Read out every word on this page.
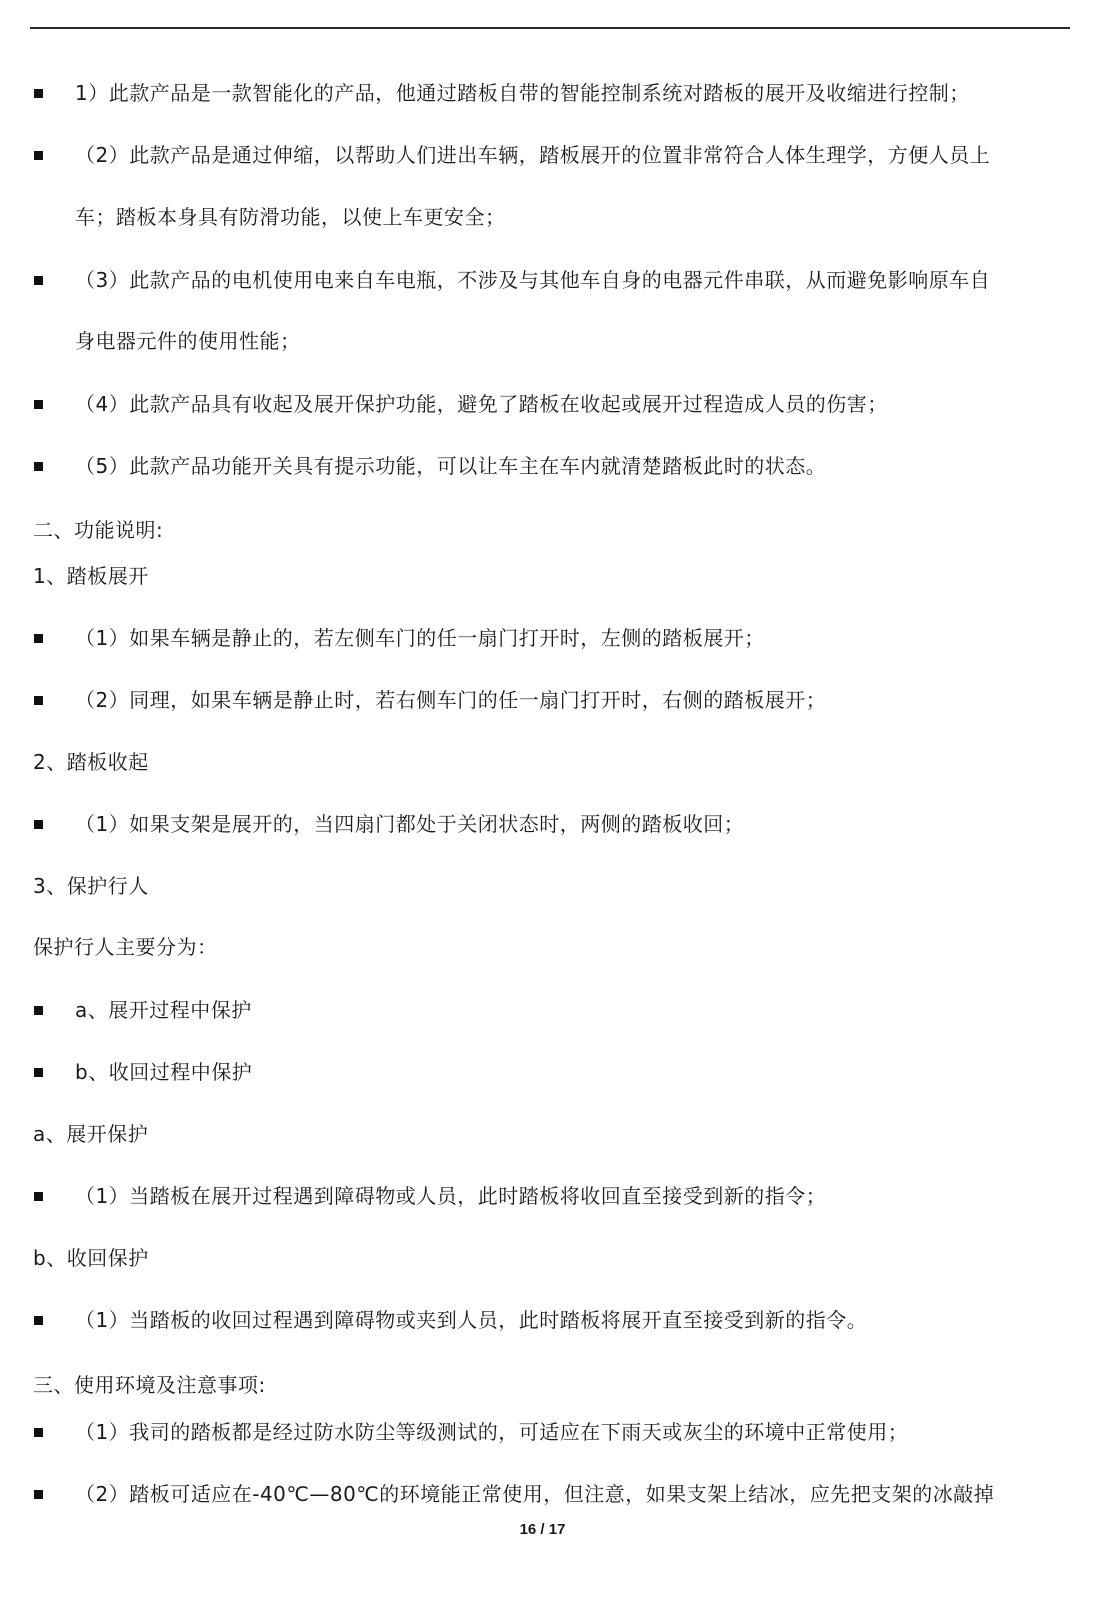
1）此款产品是一款智能化的产品，他通过踏板自带的智能控制系统对踏板的展开及收缩进行控制；
（2）此款产品是通过伸缩，以帮助人们进出车辆，踏板展开的位置非常符合人体生理学，方便人员上
车；踏板本身具有防滑功能，以使上车更安全；
（3）此款产品的电机使用电来自车电瓶，不涉及与其他车自身的电器元件串联，从而避免影响原车自
身电器元件的使用性能；
（4）此款产品具有收起及展开保护功能，避免了踏板在收起或展开过程造成人员的伤害；
（5）此款产品功能开关具有提示功能，可以让车主在车内就清楚踏板此时的状态。
二、功能说明:
1、踏板展开
（1）如果车辆是静止的，若左侧车门的任一扇门打开时，左侧的踏板展开；
（2）同理，如果车辆是静止时，若右侧车门的任一扇门打开时，右侧的踏板展开；
2、踏板收起
（1）如果支架是展开的，当四扇门都处于关闭状态时，两侧的踏板收回；
3、保护行人
保护行人主要分为：
a、展开过程中保护
b、收回过程中保护
a、展开保护
（1）当踏板在展开过程遇到障碍物或人员，此时踏板将收回直至接受到新的指令；
b、收回保护
（1）当踏板的收回过程遇到障碍物或夹到人员，此时踏板将展开直至接受到新的指令。
三、使用环境及注意事项:
（1）我司的踏板都是经过防水防尘等级测试的，可适应在下雨天或灰尘的环境中正常使用；
（2）踏板可适应在-40℃—80℃的环境能正常使用，但注意，如果支架上结冰，应先把支架的冰敲掉
16 / 17
